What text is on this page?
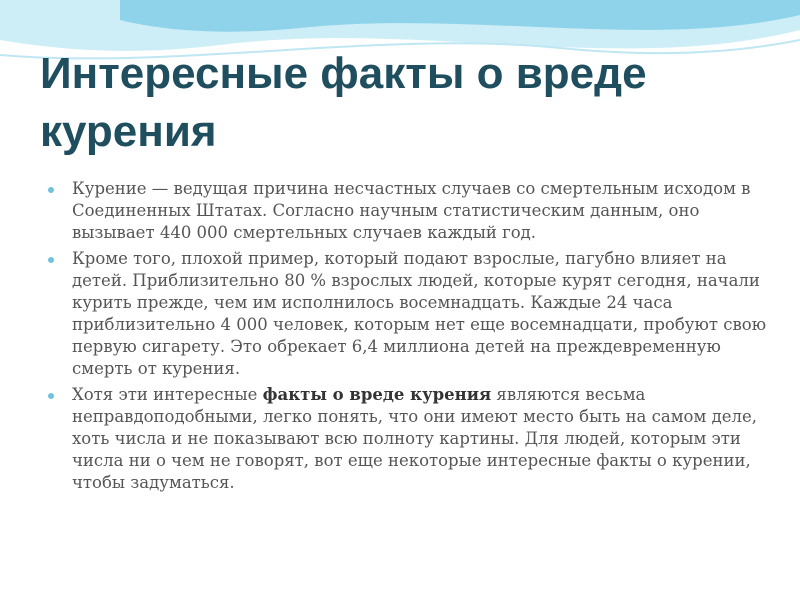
Интересные факты о вреде курения
Курение — ведущая причина несчастных случаев со смертельным исходом в Соединенных Штатах. Согласно научным статистическим данным, оно вызывает 440 000 смертельных случаев каждый год.
Кроме того, плохой пример, который подают взрослые, пагубно влияет на детей. Приблизительно 80 % взрослых людей, которые курят сегодня, начали курить прежде, чем им исполнилось восемнадцать. Каждые 24 часа приблизительно 4 000 человек, которым нет еще восемнадцати, пробуют свою первую сигарету. Это обрекает 6,4 миллиона детей на преждевременную смерть от курения.
Хотя эти интересные факты о вреде курения являются весьма неправдоподобными, легко понять, что они имеют место быть на самом деле, хоть числа и не показывают всю полноту картины. Для людей, которым эти числа ни о чем не говорят, вот еще некоторые интересные факты о курении, чтобы задуматься.
